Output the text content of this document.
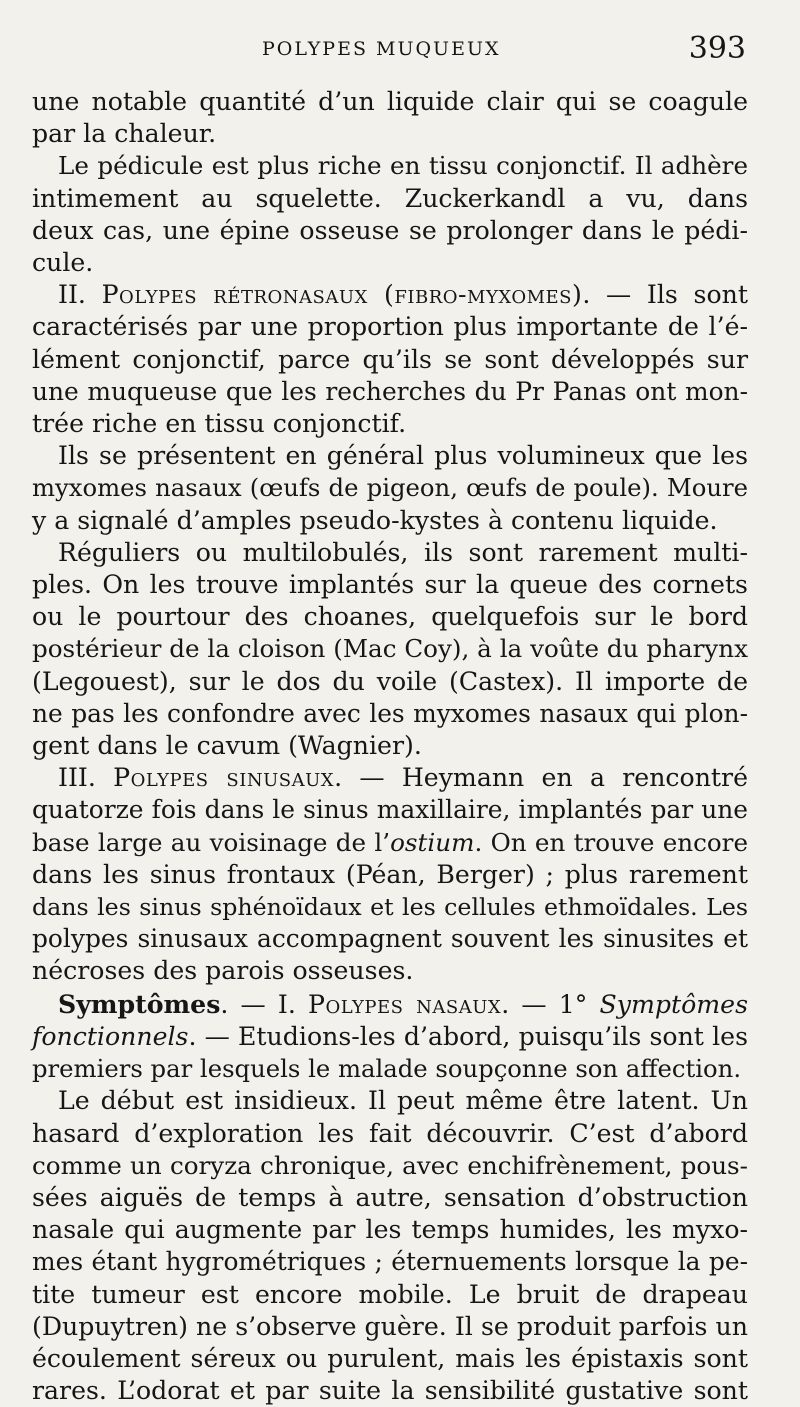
POLYPES MUQUEUX	393
une notable quantité d’un liquide clair qui se coagule
par la chaleur.
Le pédicule est plus riche en tissu conjonctif. Il adhère
intimement au squelette. Zuckerkandl a vu, dans
deux cas, une épine osseuse se prolonger dans le pédi-
cule.
II. Polypes rétronasaux (fibro-myxomes). — Ils sont
caractérisés par une proportion plus importante de l’é-
lément conjonctif, parce qu’ils se sont développés sur
une muqueuse que les recherches du Pr Panas ont mon-
trée riche en tissu conjonctif.
Ils se présentent en général plus volumineux que les
myxomes nasaux (œufs de pigeon, œufs de poule). Moure
y a signalé d’amples pseudo-kystes à contenu liquide.
Réguliers ou multilobulés, ils sont rarement multi-
ples. On les trouve implantés sur la queue des cornets
ou le pourtour des choanes, quelquefois sur le bord
postérieur de la cloison (Mac Coy), à la voûte du pharynx
(Legouest), sur le dos du voile (Castex). Il importe de
ne pas les confondre avec les myxomes nasaux qui plon-
gent dans le cavum (Wagnier).
III. Polypes sinusaux. — Heymann en a rencontré
quatorze fois dans le sinus maxillaire, implantés par une
base large au voisinage de l’ostium. On en trouve encore
dans les sinus frontaux (Péan, Berger) ; plus rarement
dans les sinus sphénoïdaux et les cellules ethmoïdales. Les
polypes sinusaux accompagnent souvent les sinusites et
nécroses des parois osseuses.
Symptômes. — I. Polypes nasaux. — 1° Symptômes
fonctionnels. — Etudions-les d’abord, puisqu’ils sont les
premiers par lesquels le malade soupçonne son affection.
Le début est insidieux. Il peut même être latent. Un
hasard d’exploration les fait découvrir. C’est d’abord
comme un coryza chronique, avec enchifrènement, pous-
sées aiguës de temps à autre, sensation d’obstruction
nasale qui augmente par les temps humides, les myxo-
mes étant hygrométriques ; éternuements lorsque la pe-
tite tumeur est encore mobile. Le bruit de drapeau
(Dupuytren) ne s’observe guère. Il se produit parfois un
écoulement séreux ou purulent, mais les épistaxis sont
rares. L’odorat et par suite la sensibilité gustative sont
